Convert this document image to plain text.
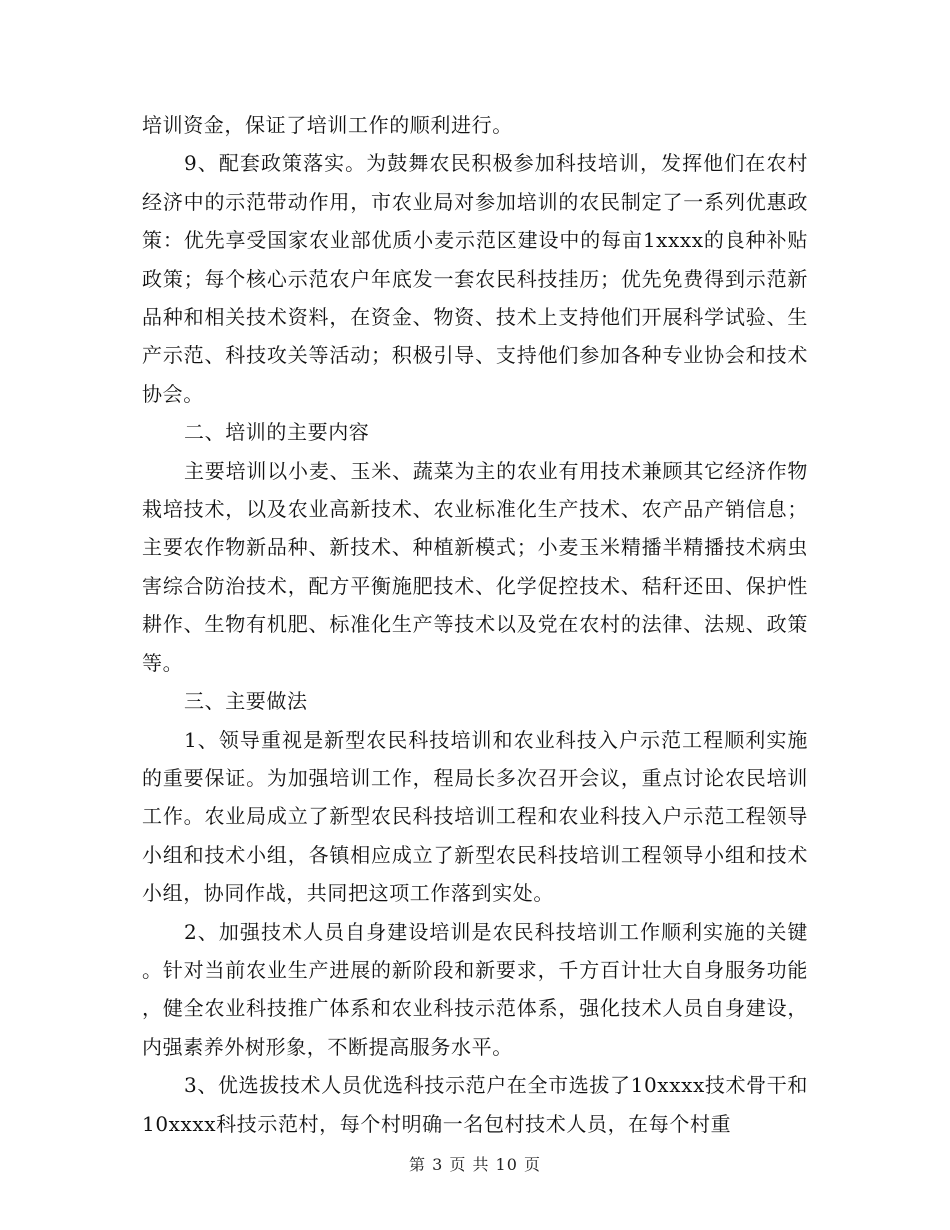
培训资金，保证了培训工作的顺利进行。

9、配套政策落实。为鼓舞农民积极参加科技培训，发挥他们在农村经济中的示范带动作用，市农业局对参加培训的农民制定了一系列优惠政策：优先享受国家农业部优质小麦示范区建设中的每亩1xxxx的良种补贴政策；每个核心示范农户年底发一套农民科技挂历；优先免费得到示范新品种和相关技术资料，在资金、物资、技术上支持他们开展科学试验、生产示范、科技攻关等活动；积极引导、支持他们参加各种专业协会和技术协会。

二、培训的主要内容

主要培训以小麦、玉米、蔬菜为主的农业有用技术兼顾其它经济作物栽培技术，以及农业高新技术、农业标准化生产技术、农产品产销信息；主要农作物新品种、新技术、种植新模式；小麦玉米精播半精播技术病虫害综合防治技术，配方平衡施肥技术、化学促控技术、秸秆还田、保护性耕作、生物有机肥、标准化生产等技术以及党在农村的法律、法规、政策等。

三、主要做法

1、领导重视是新型农民科技培训和农业科技入户示范工程顺利实施的重要保证。为加强培训工作，程局长多次召开会议，重点讨论农民培训工作。农业局成立了新型农民科技培训工程和农业科技入户示范工程领导小组和技术小组，各镇相应成立了新型农民科技培训工程领导小组和技术小组，协同作战，共同把这项工作落到实处。

2、加强技术人员自身建设培训是农民科技培训工作顺利实施的关键。针对当前农业生产进展的新阶段和新要求，千方百计壮大自身服务功能，健全农业科技推广体系和农业科技示范体系，强化技术人员自身建设，内强素养外树形象，不断提高服务水平。

3、优选拔技术人员优选科技示范户在全市选拔了10xxxx技术骨干和10xxxx科技示范村，每个村明确一名包村技术人员，在每个村重

第 3 页 共 10 页
